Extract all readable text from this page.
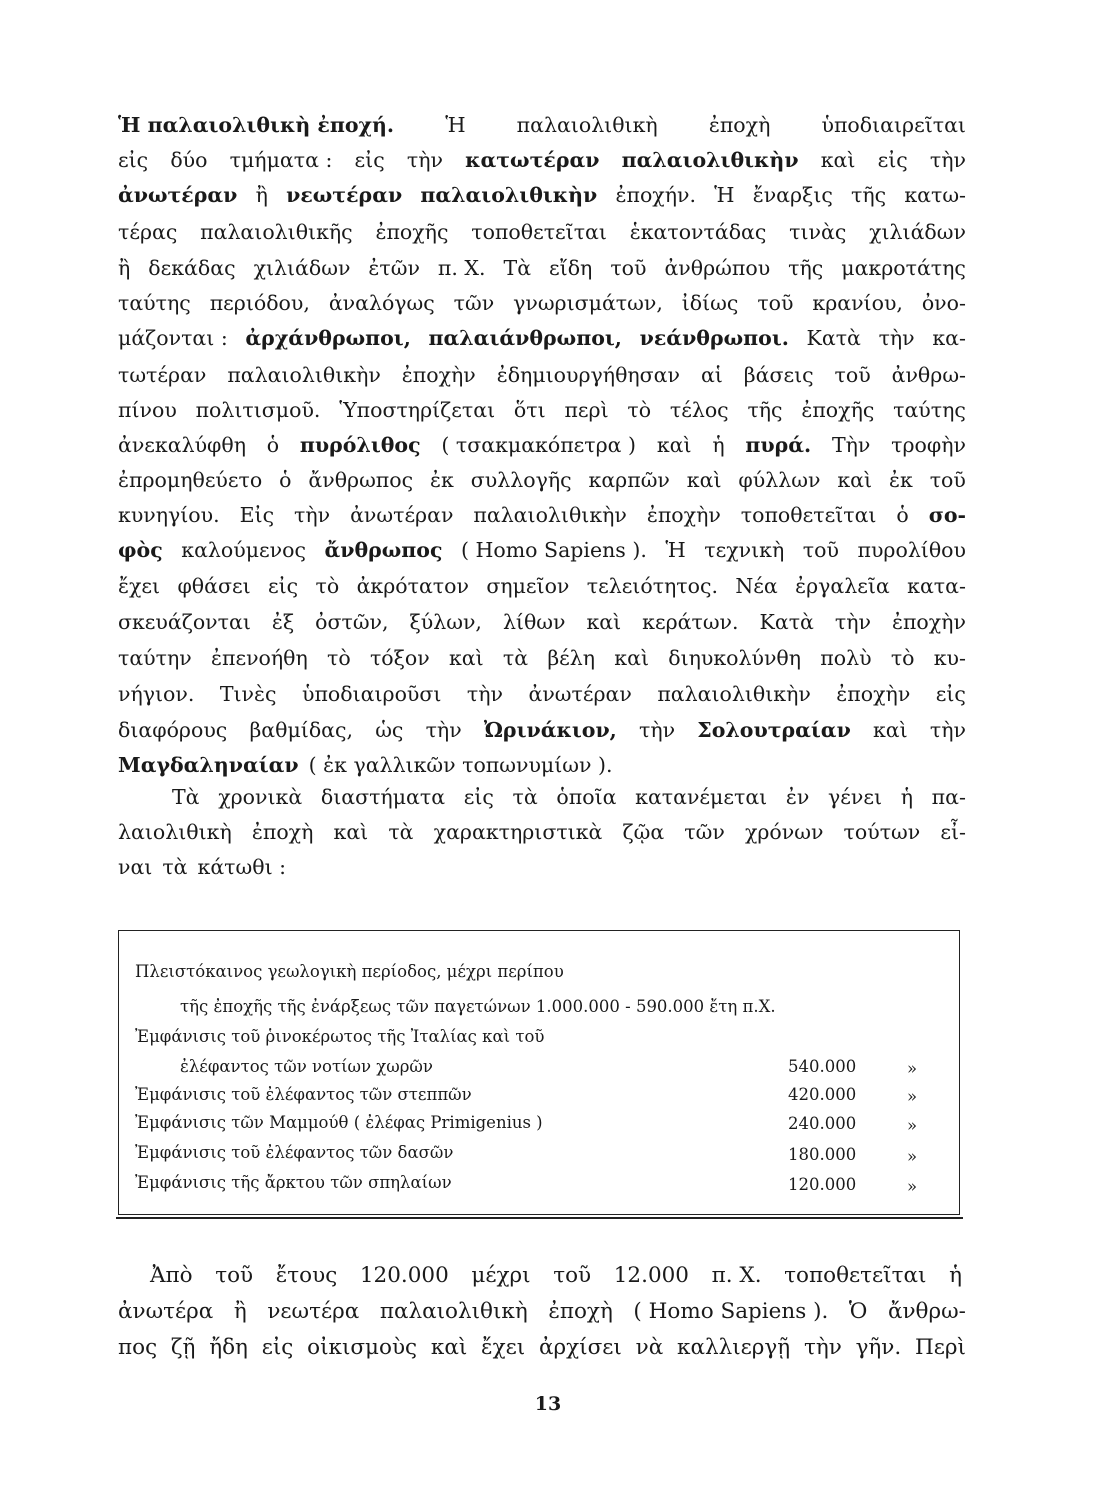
Ἡ παλαιολιθικὴ ἐποχή. Ἡ παλαιολιθικὴ ἐποχὴ ὑποδιαιρεῖται
εἰς δύο τμήματα : εἰς τὴν κατωτέραν παλαιολιθικὴν καὶ εἰς τὴν
ἀνωτέραν ἢ νεωτέραν παλαιολιθικὴν ἐποχήν. Ἡ ἔναρξις τῆς κατω-
τέρας παλαιολιθικῆς ἐποχῆς τοποθετεῖται ἑκατοντάδας τινὰς χιλιάδων
ἢ δεκάδας χιλιάδων ἐτῶν π. Χ. Τὰ εἴδη τοῦ ἀνθρώπου τῆς μακροτάτης
ταύτης περιόδου, ἀναλόγως τῶν γνωρισμάτων, ἰδίως τοῦ κρανίου, ὀνο-
μάζονται : ἀρχάνθρωποι, παλαιάνθρωποι, νεάνθρωποι. Κατὰ τὴν κα-
τωτέραν παλαιολιθικὴν ἐποχὴν ἐδημιουργήθησαν αἱ βάσεις τοῦ ἀνθρω-
πίνου πολιτισμοῦ. Ὑποστηρίζεται ὅτι περὶ τὸ τέλος τῆς ἐποχῆς ταύτης
ἀνεκαλύφθη ὁ πυρόλιθος ( τσακμακόπετρα ) καὶ ἡ πυρά. Τὴν τροφὴν
ἐπρομηθεύετο ὁ ἄνθρωπος ἐκ συλλογῆς καρπῶν καὶ φύλλων καὶ ἐκ τοῦ
κυνηγίου. Εἰς τὴν ἀνωτέραν παλαιολιθικὴν ἐποχὴν τοποθετεῖται ὁ σο-
φὸς καλούμενος ἄνθρωπος ( Homo Sapiens ). Ἡ τεχνικὴ τοῦ πυρολίθου
ἔχει φθάσει εἰς τὸ ἀκρότατον σημεῖον τελειότητος. Νέα ἐργαλεῖα κατα-
σκευάζονται ἐξ ὀστῶν, ξύλων, λίθων καὶ κεράτων. Κατὰ τὴν ἐποχὴν
ταύτην ἐπενοήθη τὸ τόξον καὶ τὰ βέλη καὶ διηυκολύνθη πολὺ τὸ κυ-
νήγιον. Τινὲς ὑποδιαιροῦσι τὴν ἀνωτέραν παλαιολιθικὴν ἐποχὴν εἰς
διαφόρους βαθμίδας, ὡς τὴν Ὠρινάκιον, τὴν Σολουτραίαν καὶ τὴν
Μαγδαληναίαν ( ἐκ γαλλικῶν τοπωνυμίων ).
Τὰ χρονικὰ διαστήματα εἰς τὰ ὁποῖα κατανέμεται ἐν γένει ἡ πα-
λαιολιθικὴ ἐποχὴ καὶ τὰ χαρακτηριστικὰ ζῷα τῶν χρόνων τούτων εἶ-
ναι τὰ κάτωθι :
Πλειστόκαινος γεωλογικὴ περίοδος, μέχρι περίπου
τῆς ἐποχῆς τῆς ἐνάρξεως τῶν παγετώνων 1.000.000 - 590.000 ἔτη π.Χ.
Ἐμφάνισις τοῦ ῥινοκέρωτος τῆς Ἰταλίας καὶ τοῦ
ἐλέφαντος τῶν νοτίων χωρῶν	540.000	»
Ἐμφάνισις τοῦ ἐλέφαντος τῶν στεππῶν	420.000	»
Ἐμφάνισις τῶν Μαμμούθ ( ἐλέφας Primigenius )	240.000	»
Ἐμφάνισις τοῦ ἐλέφαντος τῶν δασῶν	180.000	»
Ἐμφάνισις τῆς ἄρκτου τῶν σπηλαίων	120.000	»
Ἀπὸ τοῦ ἔτους 120.000 μέχρι τοῦ 12.000 π. Χ. τοποθετεῖται ἡ
ἀνωτέρα ἢ νεωτέρα παλαιολιθικὴ ἐποχὴ ( Homo Sapiens ). Ὁ ἄνθρω-
πος ζῇ ἤδη εἰς οἰκισμοὺς καὶ ἔχει ἀρχίσει νὰ καλλιεργῇ τὴν γῆν. Περὶ
13
